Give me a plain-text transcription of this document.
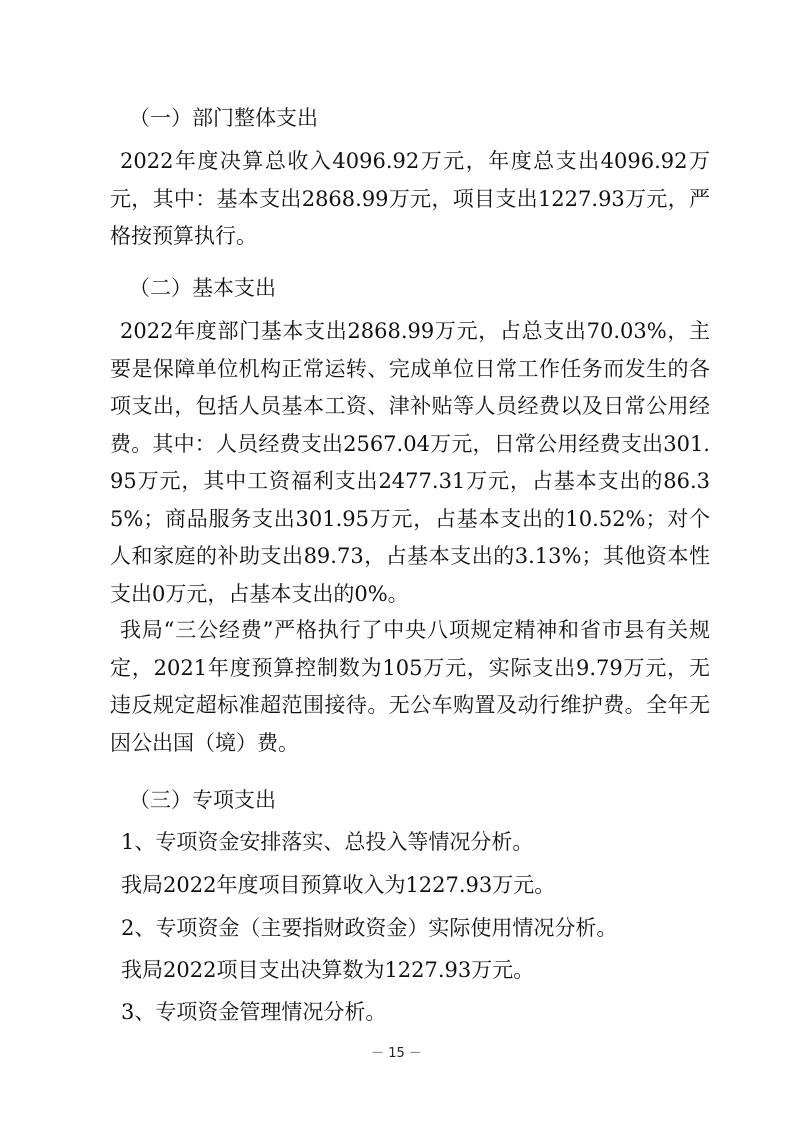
（一）部门整体支出
2022年度决算总收入4096.92万元，年度总支出4096.92万元，其中：基本支出2868.99万元，项目支出1227.93万元，严格按预算执行。
（二）基本支出
2022年度部门基本支出2868.99万元，占总支出70.03%，主要是保障单位机构正常运转、完成单位日常工作任务而发生的各项支出，包括人员基本工资、津补贴等人员经费以及日常公用经费。其中：人员经费支出2567.04万元，日常公用经费支出301.95万元，其中工资福利支出2477.31万元，占基本支出的86.35%；商品服务支出301.95万元，占基本支出的10.52%；对个人和家庭的补助支出89.73，占基本支出的3.13%；其他资本性支出0万元，占基本支出的0%。
我局“三公经费”严格执行了中央八项规定精神和省市县有关规定，2021年度预算控制数为105万元，实际支出9.79万元，无违反规定超标准超范围接待。无公车购置及动行维护费。全年无因公出国（境）费。
（三）专项支出
1、专项资金安排落实、总投入等情况分析。
我局2022年度项目预算收入为1227.93万元。
2、专项资金（主要指财政资金）实际使用情况分析。
我局2022项目支出决算数为1227.93万元。
3、专项资金管理情况分析。
－ 15 －
